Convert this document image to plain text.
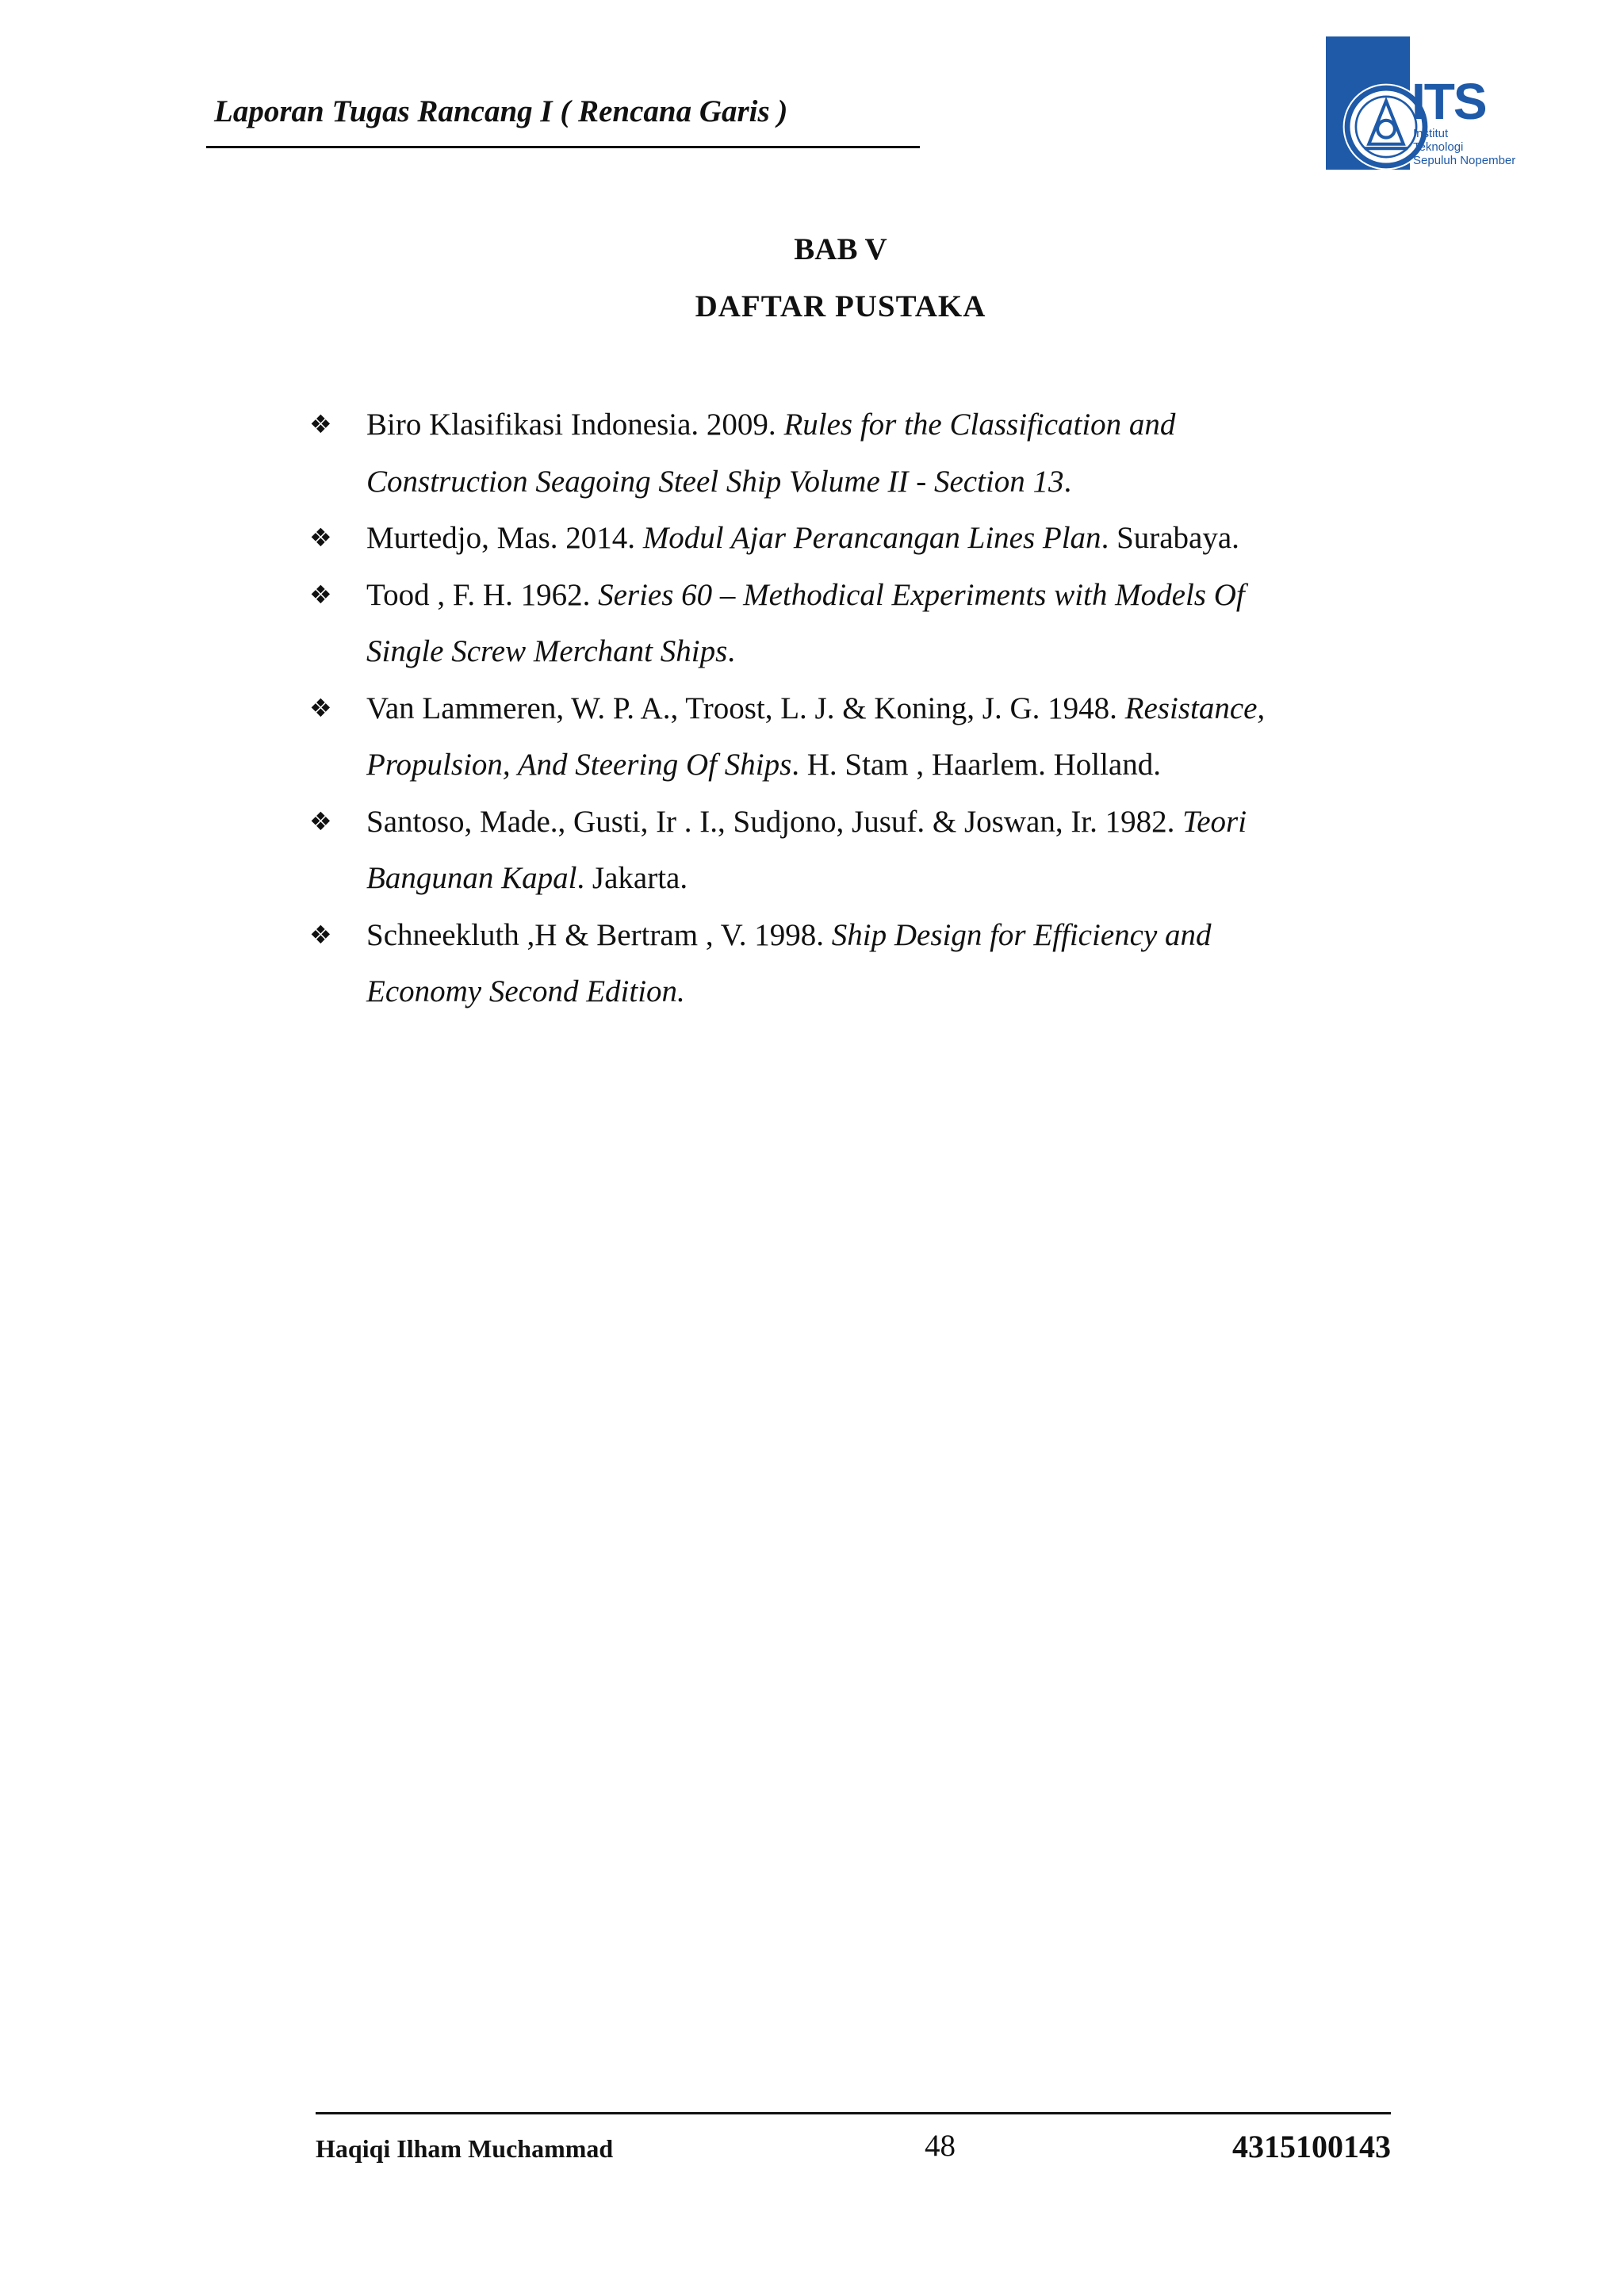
Laporan Tugas Rancang I ( Rencana Garis )	ITS
Institut
Teknologi
Sepuluh Nopember
BAB V
DAFTAR PUSTAKA
❖ Biro Klasifikasi Indonesia. 2009. Rules for the Classification and
Construction Seagoing Steel Ship Volume II - Section 13.
❖ Murtedjo, Mas. 2014. Modul Ajar Perancangan Lines Plan. Surabaya.
❖ Tood , F. H. 1962. Series 60 – Methodical Experiments with Models Of
Single Screw Merchant Ships.
❖ Van Lammeren, W. P. A., Troost, L. J. & Koning, J. G. 1948. Resistance,
Propulsion, And Steering Of Ships. H. Stam , Haarlem. Holland.
❖ Santoso, Made., Gusti, Ir . I., Sudjono, Jusuf. & Joswan, Ir. 1982. Teori
Bangunan Kapal. Jakarta.
❖ Schneekluth ,H & Bertram , V. 1998. Ship Design for Efficiency and
Economy Second Edition.
Haqiqi Ilham Muchammad	48	4315100143
